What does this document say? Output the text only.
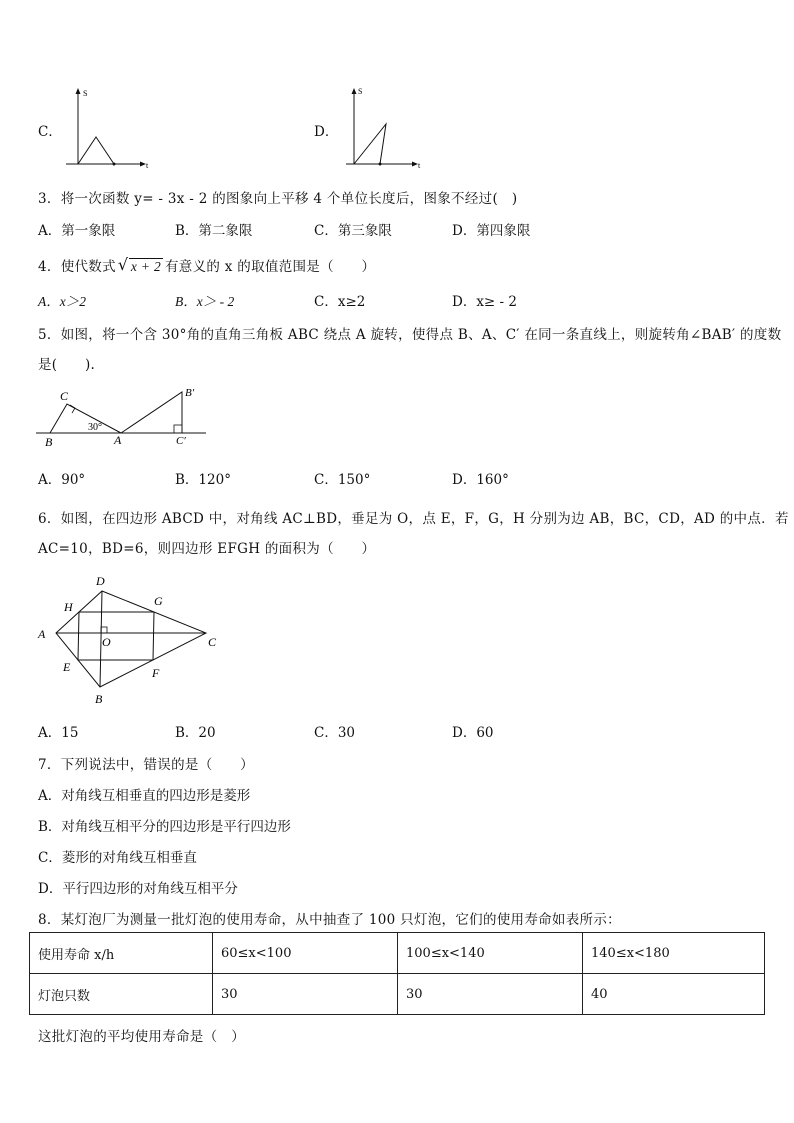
C．
S
t
D．
S
t
3．将一次函数 y= - 3x - 2 的图象向上平移 4 个单位长度后，图象不经过(　)
A．第一象限	B．第二象限	C．第三象限	D．第四象限
4．使代数式 √ x + 2 有意义的 x 的取值范围是（　　）
A．x＞2	B．x＞ - 2	C．x≥2	D．x≥ - 2
5．如图，将一个含 30°角的直角三角板 ABC 绕点 A 旋转，使得点 B、A、C′ 在同一条直线上，则旋转角∠BAB′ 的度数
是(　　).
C
B	A
30°
B′
C′
A．90°	B．120°	C．150°	D．160°
6．如图，在四边形 ABCD 中，对角线 AC⊥BD，垂足为 O，点 E，F，G，H 分别为边 AB，BC，CD，AD 的中点．若
AC=10，BD=6，则四边形 EFGH 的面积为（　　）
D
H	G
A
O	C
E	F
B
A．15	B．20	C．30	D．60
7．下列说法中，错误的是（　　）
A．对角线互相垂直的四边形是菱形
B．对角线互相平分的四边形是平行四边形
C．菱形的对角线互相垂直
D．平行四边形的对角线互相平分
8．某灯泡厂为测量一批灯泡的使用寿命，从中抽查了 100 只灯泡，它们的使用寿命如表所示：
使用寿命 x/h	60≤x<100	100≤x<140	140≤x<180
灯泡只数	30	30	40
这批灯泡的平均使用寿命是（　）
